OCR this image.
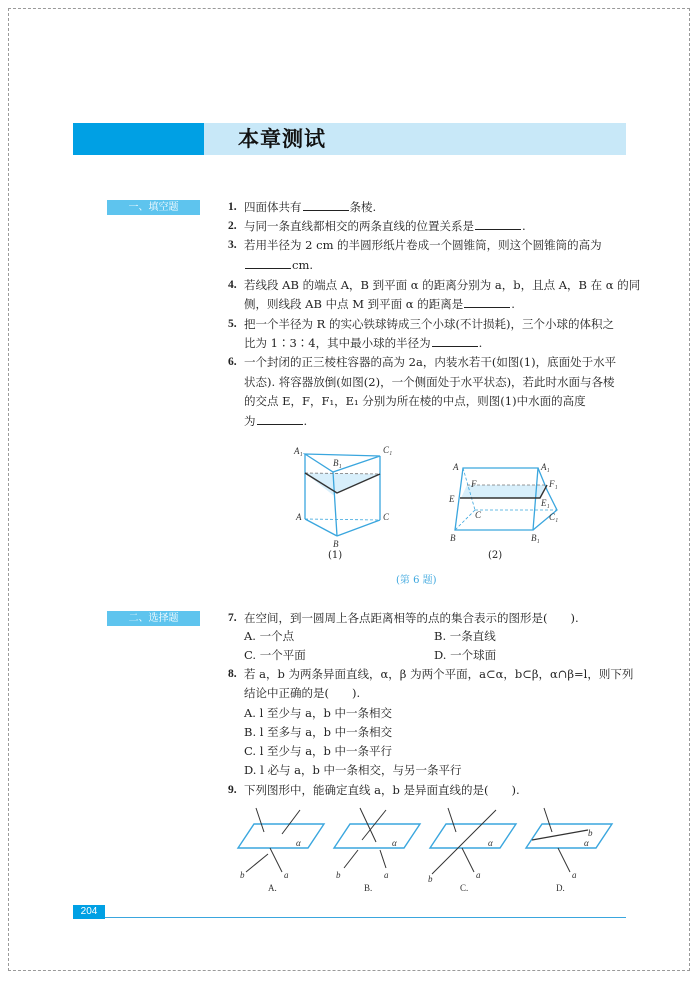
本章测试
一、填空题	1. 四面体共有	条棱.
2. 与同一条直线都相交的两条直线的位置关系是	.
3. 若用半径为 2 cm 的半圆形纸片卷成一个圆锥筒，则这个圆锥筒的高为
cm.
4. 若线段 AB 的端点 A，B 到平面 α 的距离分别为 a，b，且点 A，B 在 α 的同
侧，则线段 AB 中点 M 到平面 α 的距离是	.
5. 把一个半径为 R 的实心铁球铸成三个小球(不计损耗)，三个小球的体积之
比为 1∶3∶4，其中最小球的半径为	.
6. 一个封闭的正三棱柱容器的高为 2a，内装水若干(如图(1)，底面处于水平
状态). 将容器放倒(如图(2)，一个侧面处于水平状态)，若此时水面与各棱
的交点 E，F，F₁，E₁ 分别为所在棱的中点，则图(1)中水面的高度
为	.
A₁
B₁
C₁
A
B
C
(1)
A	A₁
F	F₁
E	E₁
C	C₁
B	B₁
(2)
(第 6 题)
二、选择题	7. 在空间，到一圆周上各点距离相等的点的集合表示的图形是(　　).
A. 一个点	B. 一条直线
C. 一个平面	D. 一个球面
8. 若 a，b 为两条异面直线，α，β 为两个平面，a⊂α，b⊂β，α∩β=l，则下列
结论中正确的是(　　).
A. l 至少与 a，b 中一条相交
B. l 至多与 a，b 中一条相交
C. l 至少与 a，b 中一条平行
D. l 必与 a，b 中一条相交，与另一条平行
9. 下列图形中，能确定直线 a，b 是异面直线的是(　　).
α
b	a
A.
α
b	a
B.
α
b	a
C.
b
α
a
D.
204
